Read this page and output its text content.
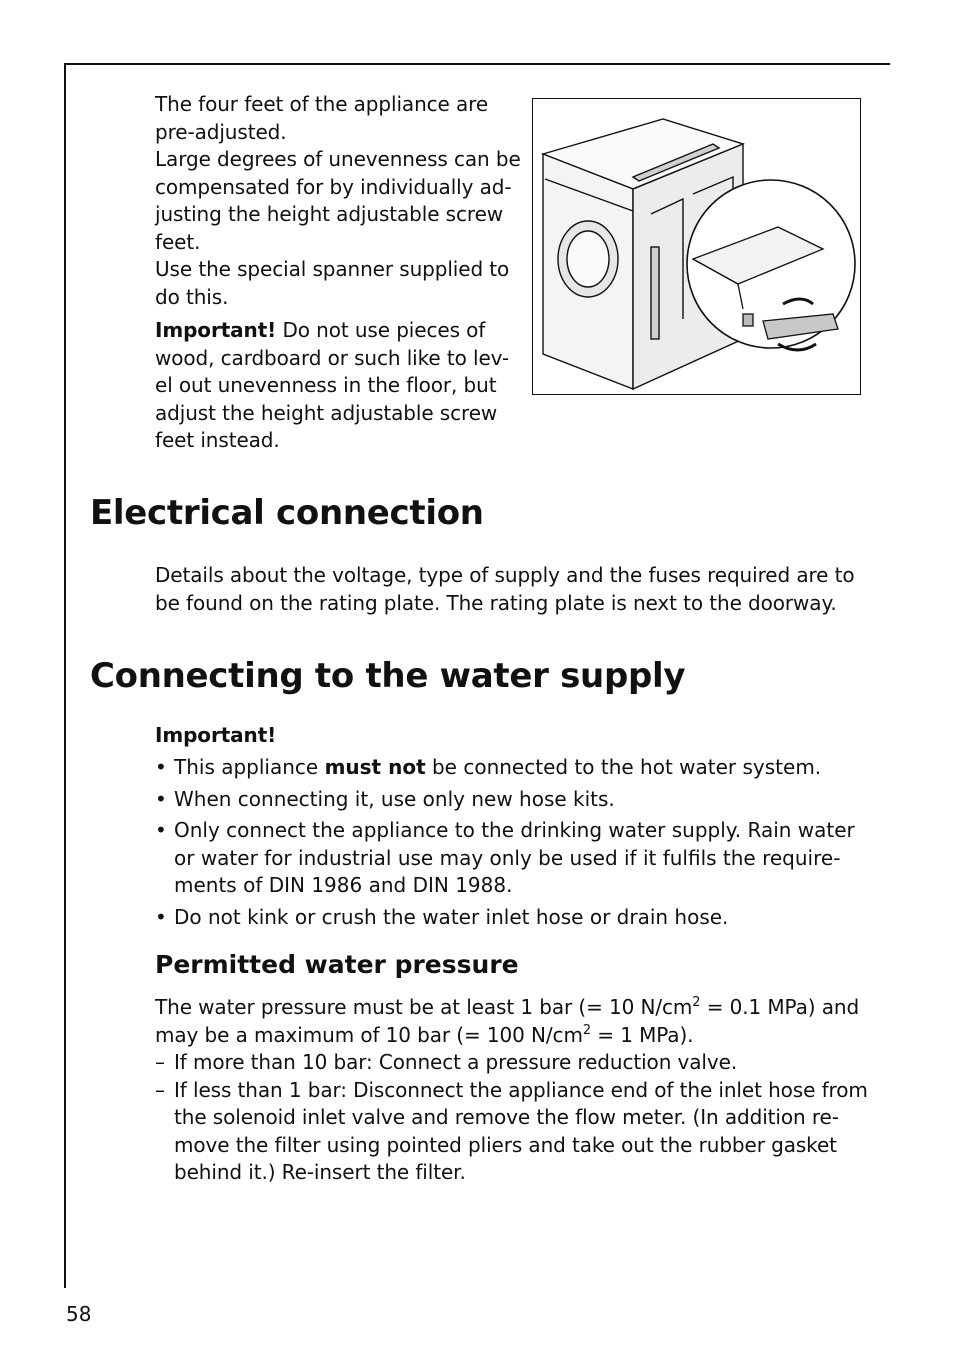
The four feet of the appliance are pre-adjusted.

Large degrees of unevenness can be compensated for by individually ad-justing the height adjustable screw feet.

Use the special spanner supplied to do this.

Important! Do not use pieces of wood, cardboard or such like to lev-el out unevenness in the floor, but adjust the height adjustable screw feet instead.

Electrical connection
Details about the voltage, type of supply and the fuses required are to be found on the rating plate. The rating plate is next to the doorway.
Connecting to the water supply
Important!
• This appliance must not be connected to the hot water system.
• When connecting it, use only new hose kits.
• Only connect the appliance to the drinking water supply. Rain water or water for industrial use may only be used if it fulfils the require-ments of DIN 1986 and DIN 1988.
• Do not kink or crush the water inlet hose or drain hose.
Permitted water pressure

The water pressure must be at least 1 bar (= 10 $N/cm^2 = 0.1$ MPa) and may be a maximum of 10 bar (= 100 $N/cm^2 = 1$ MPa).

– If more than 10 bar: Connect a pressure reduction valve.
– If less than 1 bar: Disconnect the appliance end of the inlet hose from the solenoid inlet valve and remove the flow meter. (In addition re-move the filter using pointed pliers and take out the rubber gasket behind it.) Re-insert the filter.
58
